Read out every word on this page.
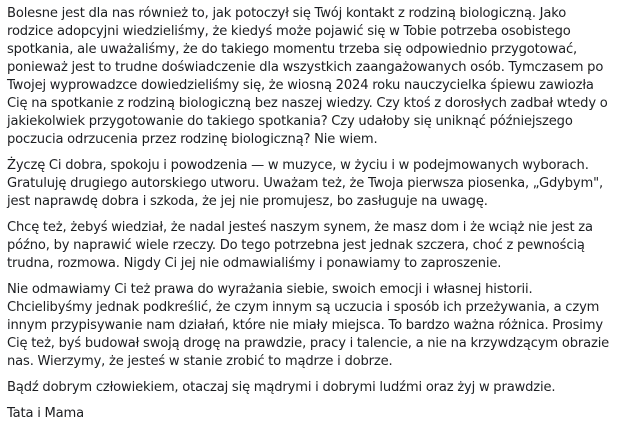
Bolesne jest dla nas również to, jak potoczył się Twój kontakt z rodziną biologiczną. Jako rodzice adopcyjni wiedzieliśmy, że kiedyś może pojawić się w Tobie potrzeba osobistego spotkania, ale uważaliśmy, że do takiego momentu trzeba się odpowiednio przygotować, ponieważ jest to trudne doświadczenie dla wszystkich zaangażowanych osób. Tymczasem po Twojej wyprowadzce dowiedzieliśmy się, że wiosną 2024 roku nauczycielka śpiewu zawiozła Cię na spotkanie z rodziną biologiczną bez naszej wiedzy. Czy ktoś z dorosłych zadbał wtedy o jakiekolwiek przygotowanie do takiego spotkania? Czy udałoby się uniknąć późniejszego poczucia odrzucenia przez rodzinę biologiczną? Nie wiem.

Życzę Ci dobra, spokoju i powodzenia — w muzyce, w życiu i w podejmowanych wyborach. Gratuluję drugiego autorskiego utworu. Uważam też, że Twoja pierwsza piosenka, „Gdybym", jest naprawdę dobra i szkoda, że jej nie promujesz, bo zasługuje na uwagę.

Chcę też, żebyś wiedział, że nadal jesteś naszym synem, że masz dom i że wciąż nie jest za późno, by naprawić wiele rzeczy. Do tego potrzebna jest jednak szczera, choć z pewnością trudna, rozmowa. Nigdy Ci jej nie odmawialiśmy i ponawiamy to zaproszenie.

Nie odmawiamy Ci też prawa do wyrażania siebie, swoich emocji i własnej historii. Chcielibyśmy jednak podkreślić, że czym innym są uczucia i sposób ich przeżywania, a czym innym przypisywanie nam działań, które nie miały miejsca. To bardzo ważna różnica. Prosimy Cię też, byś budował swoją drogę na prawdzie, pracy i talencie, a nie na krzywdzącym obrazie nas. Wierzymy, że jesteś w stanie zrobić to mądrze i dobrze.

Bądź dobrym człowiekiem, otaczaj się mądrymi i dobrymi ludźmi oraz żyj w prawdzie.

Tata i Mama
